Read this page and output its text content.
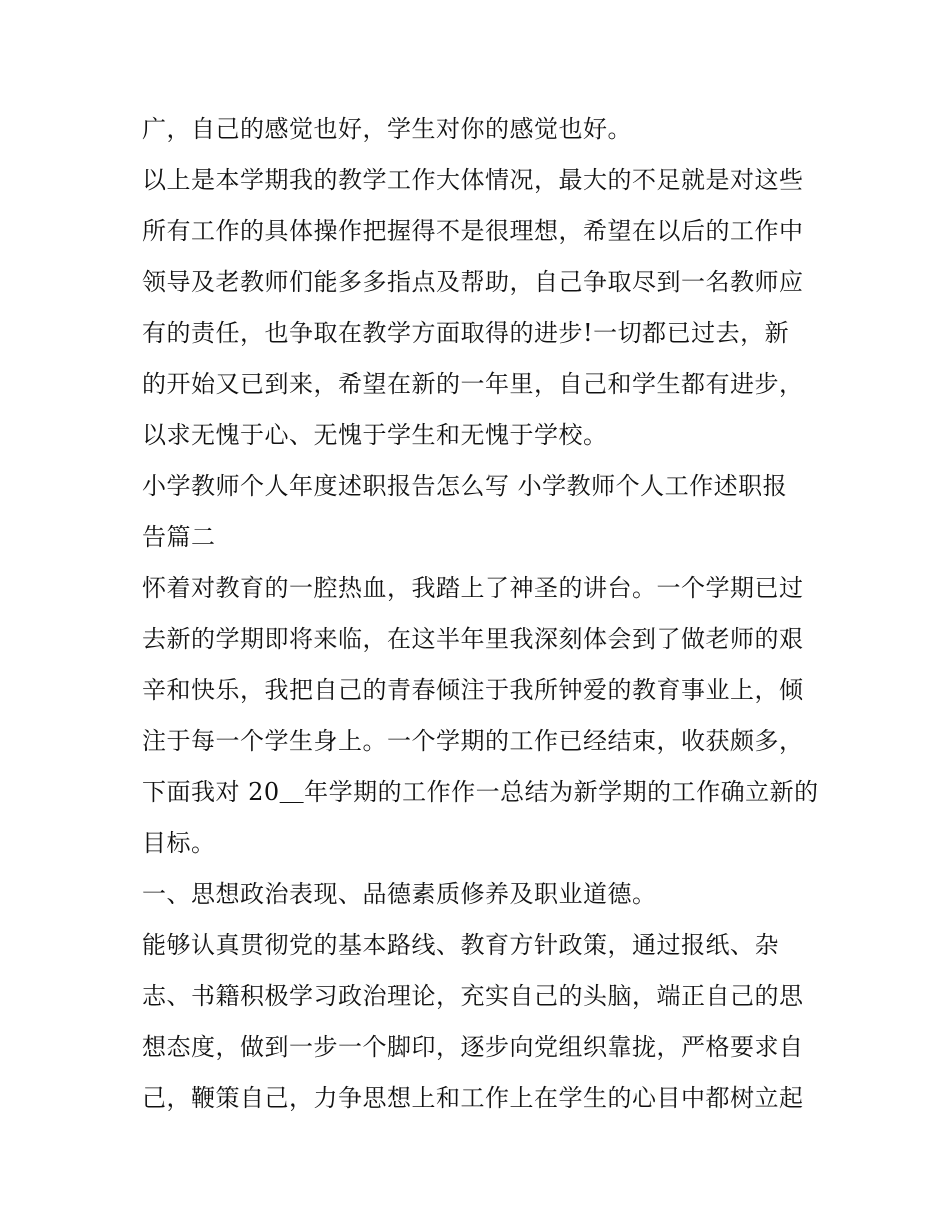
广，自己的感觉也好，学生对你的感觉也好。
以上是本学期我的教学工作大体情况，最大的不足就是对这些
所有工作的具体操作把握得不是很理想，希望在以后的工作中
领导及老教师们能多多指点及帮助，自己争取尽到一名教师应
有的责任，也争取在教学方面取得的进步!一切都已过去，新
的开始又已到来，希望在新的一年里，自己和学生都有进步，
以求无愧于心、无愧于学生和无愧于学校。
小学教师个人年度述职报告怎么写 小学教师个人工作述职报
告篇二
怀着对教育的一腔热血，我踏上了神圣的讲台。一个学期已过
去新的学期即将来临，在这半年里我深刻体会到了做老师的艰
辛和快乐，我把自己的青春倾注于我所钟爱的教育事业上，倾
注于每一个学生身上。一个学期的工作已经结束，收获颇多，
下面我对 20＿年学期的工作作一总结为新学期的工作确立新的
目标。
一、思想政治表现、品德素质修养及职业道德。
能够认真贯彻党的基本路线、教育方针政策，通过报纸、杂
志、书籍积极学习政治理论，充实自己的头脑，端正自己的思
想态度，做到一步一个脚印，逐步向党组织靠拢，严格要求自
己，鞭策自己，力争思想上和工作上在学生的心目中都树立起
